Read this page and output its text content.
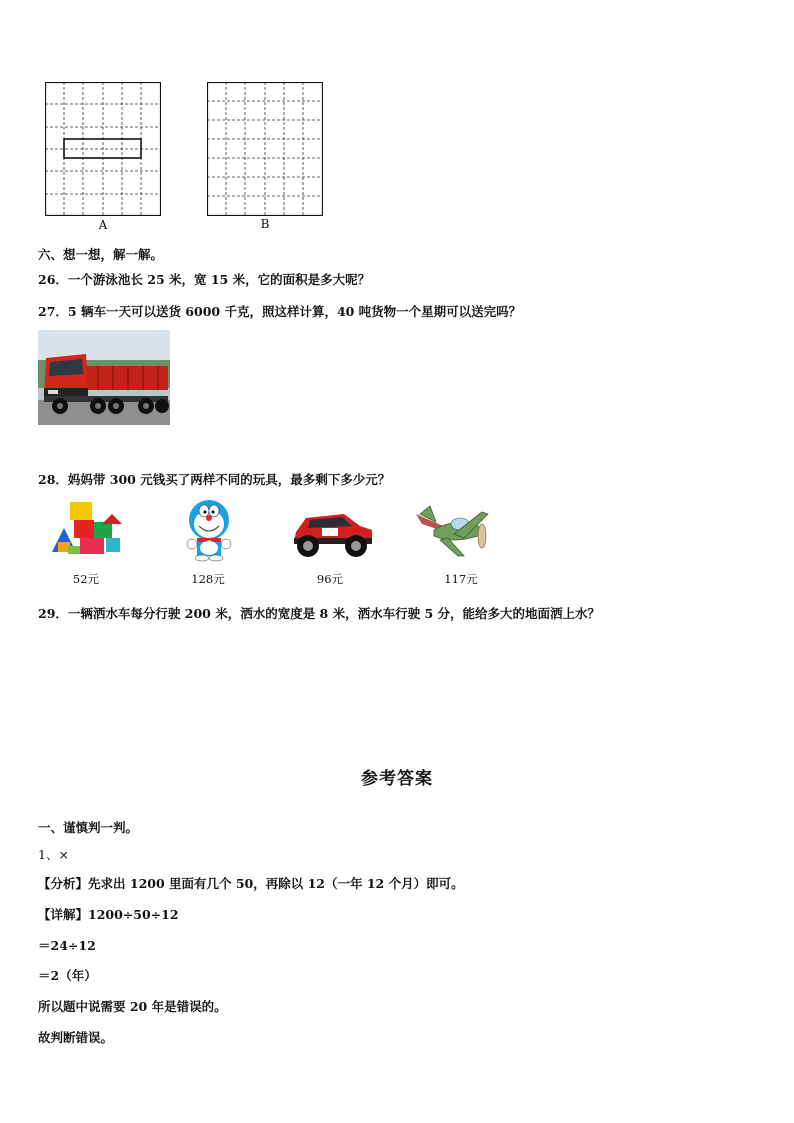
A	B
六、想一想，解一解。
26．一个游泳池长 25 米，宽 15 米，它的面积是多大呢？
27．5 辆车一天可以送货 6000 千克，照这样计算，40 吨货物一个星期可以送完吗？
28．妈妈带 300 元钱买了两样不同的玩具，最多剩下多少元？
52元	128元	96元	117元
29．一辆洒水车每分行驶 200 米，洒水的宽度是 8 米，洒水车行驶 5 分，能给多大的地面洒上水？
参考答案
一、谨慎判一判。
1、×
【分析】先求出 1200 里面有几个 50，再除以 12（一年 12 个月）即可。
【详解】1200÷50÷12
＝24÷12
＝2（年）
所以题中说需要 20 年是错误的。
故判断错误。
